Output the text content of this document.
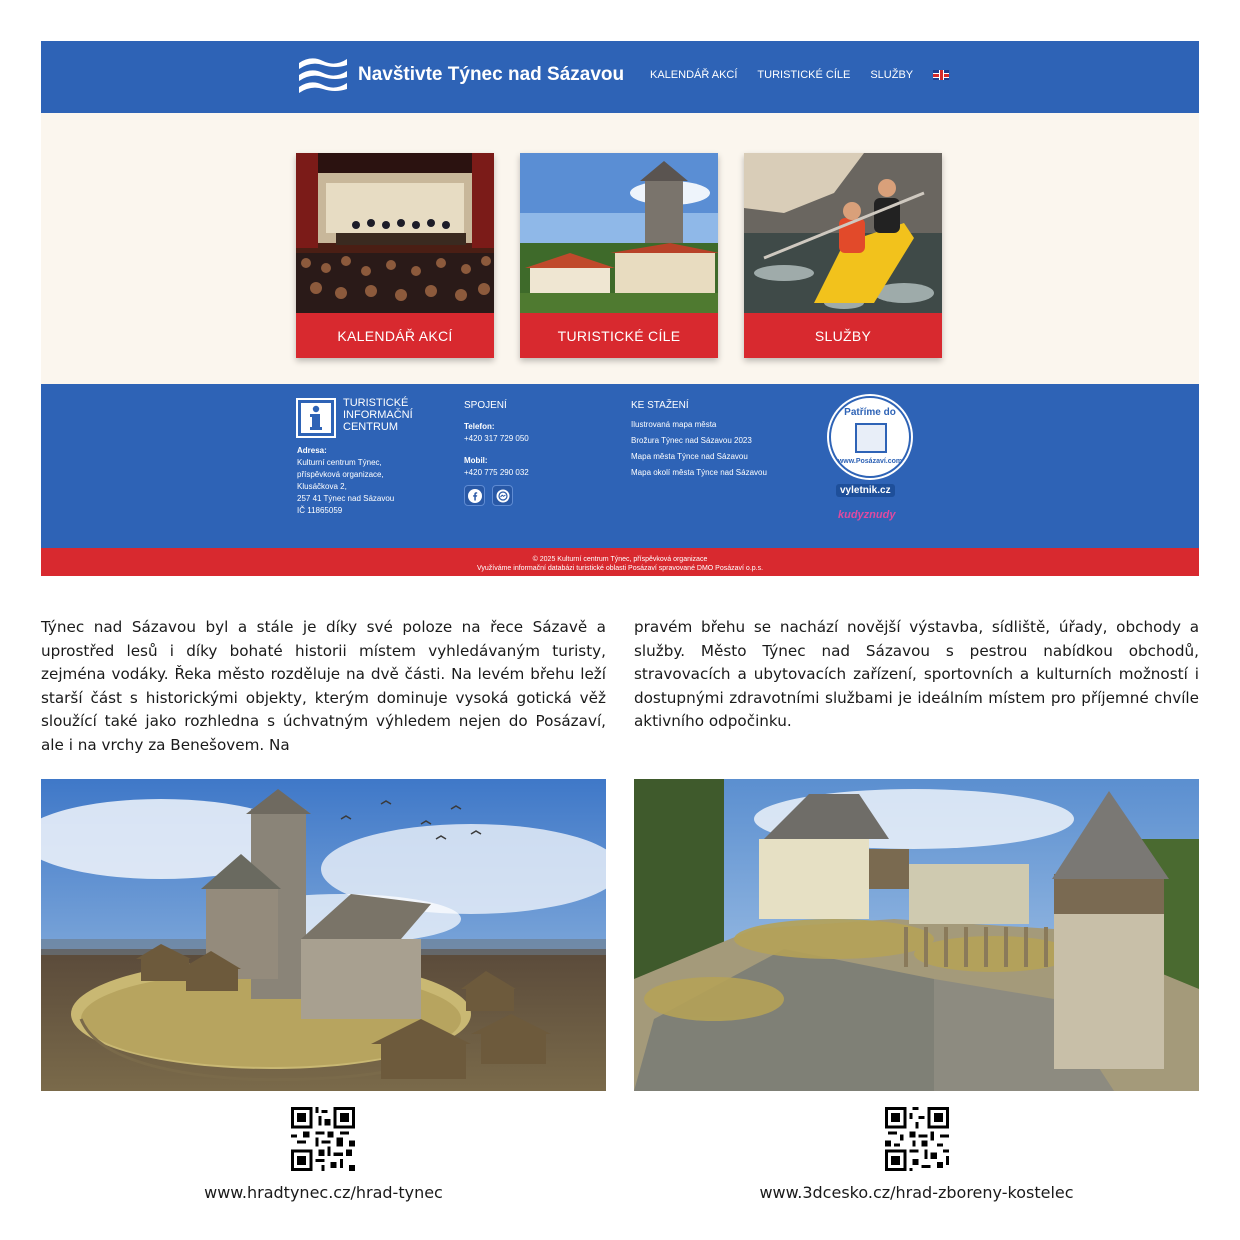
Navštivte Týnec nad Sázavou KALENDÁŘ AKCÍ TURISTICKÉ CÍLE SLUŽBY
KALENDÁŘ AKCÍ	TURISTICKÉ CÍLE	SLUŽBY
TURISTICKÉ INFORMAČNÍ CENTRUM
Adresa:
Kulturní centrum Týnec,
příspěvková organizace,
Klusáčkova 2,
257 41 Týnec nad Sázavou
IČ 11865059
SPOJENÍ
Telefon:
+420 317 729 050
Mobil:
+420 775 290 032
KE STAŽENÍ
Ilustrovaná mapa města
Brožura Týnec nad Sázavou 2023
Mapa města Týnce nad Sázavou
Mapa okolí města Týnce nad Sázavou
Patříme do
www.Posázaví.com
vyletnik.cz
kudyznudy
© 2025 Kulturní centrum Týnec, příspěvková organizace
Využíváme informační databázi turistické oblasti Posázaví spravované DMO Posázaví o.p.s.
Týnec nad Sázavou byl a stále je díky své poloze na řece Sázavě a uprostřed lesů i díky bohaté historii místem vyhledávaným turisty, zejména vodáky. Řeka město rozděluje na dvě části. Na levém břehu leží starší část s historickými objekty, kterým dominuje vysoká gotická věž sloužící také jako rozhledna s úchvatným výhledem nejen do Posázaví, ale i na vrchy za Benešovem. Na
pravém břehu se nachází novější výstavba, sídliště, úřady, obchody a služby. Město Týnec nad Sázavou s pestrou nabídkou obchodů, stravovacích a ubytovacích zařízení, sportovních a kulturních možností i dostupnými zdravotními službami je ideálním místem pro příjemné chvíle aktivního odpočinku.
www.hradtynec.cz/hrad-tynec	www.3dcesko.cz/hrad-zboreny-kostelec
